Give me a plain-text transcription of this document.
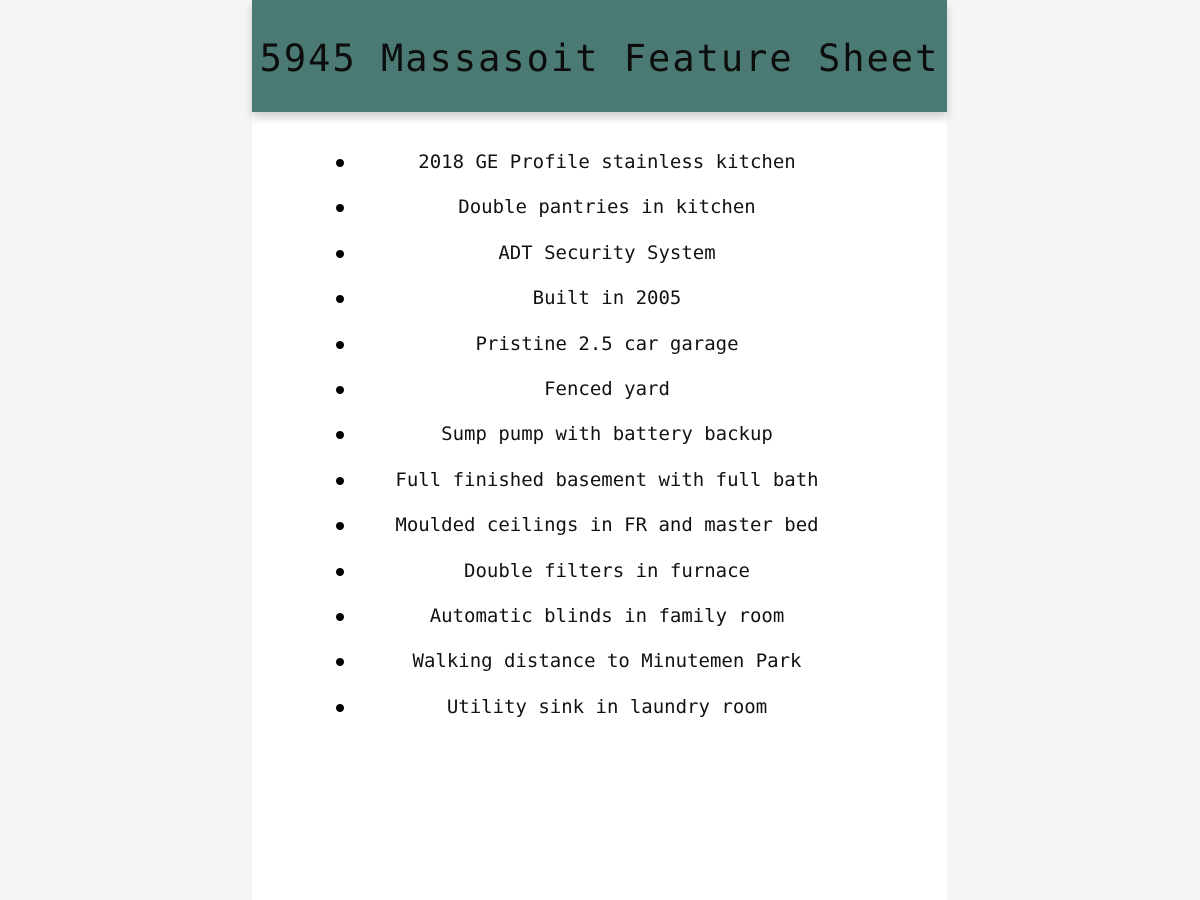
5945 Massasoit Feature Sheet
2018 GE Profile stainless kitchen
Double pantries in kitchen
ADT Security System
Built in 2005
Pristine 2.5 car garage
Fenced yard
Sump pump with battery backup
Full finished basement with full bath
Moulded ceilings in FR and master bed
Double filters in furnace
Automatic blinds in family room
Walking distance to Minutemen Park
Utility sink in laundry room
